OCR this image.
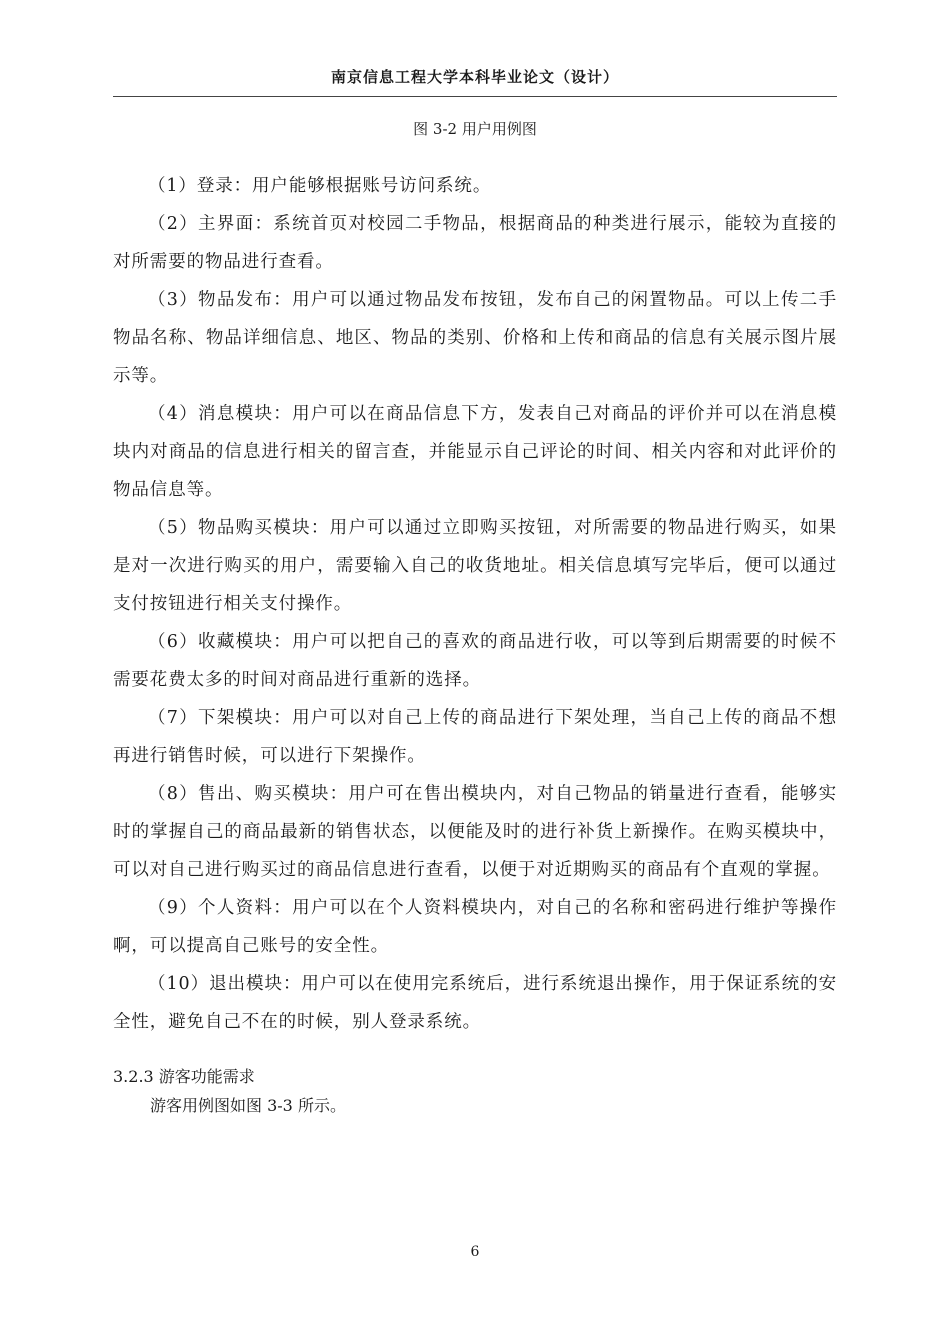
南京信息工程大学本科毕业论文（设计）
图 3-2 用户用例图

（1）登录：用户能够根据账号访问系统。

（2）主界面：系统首页对校园二手物品，根据商品的种类进行展示，能较为直接的对所需要的物品进行查看。

（3）物品发布：用户可以通过物品发布按钮，发布自己的闲置物品。可以上传二手物品名称、物品详细信息、地区、物品的类别、价格和上传和商品的信息有关展示图片展示等。

（4）消息模块：用户可以在商品信息下方，发表自己对商品的评价并可以在消息模块内对商品的信息进行相关的留言查，并能显示自己评论的时间、相关内容和对此评价的物品信息等。

（5）物品购买模块：用户可以通过立即购买按钮，对所需要的物品进行购买，如果是对一次进行购买的用户，需要输入自己的收货地址。相关信息填写完毕后，便可以通过支付按钮进行相关支付操作。

（6）收藏模块：用户可以把自己的喜欢的商品进行收，可以等到后期需要的时候不需要花费太多的时间对商品进行重新的选择。

（7）下架模块：用户可以对自己上传的商品进行下架处理，当自己上传的商品不想再进行销售时候，可以进行下架操作。

（8）售出、购买模块：用户可在售出模块内，对自己物品的销量进行查看，能够实时的掌握自己的商品最新的销售状态，以便能及时的进行补货上新操作。在购买模块中，可以对自己进行购买过的商品信息进行查看，以便于对近期购买的商品有个直观的掌握。

（9）个人资料：用户可以在个人资料模块内，对自己的名称和密码进行维护等操作啊，可以提高自己账号的安全性。

（10）退出模块：用户可以在使用完系统后，进行系统退出操作，用于保证系统的安全性，避免自己不在的时候，别人登录系统。

3.2.3 游客功能需求
游客用例图如图 3-3 所示。
6
